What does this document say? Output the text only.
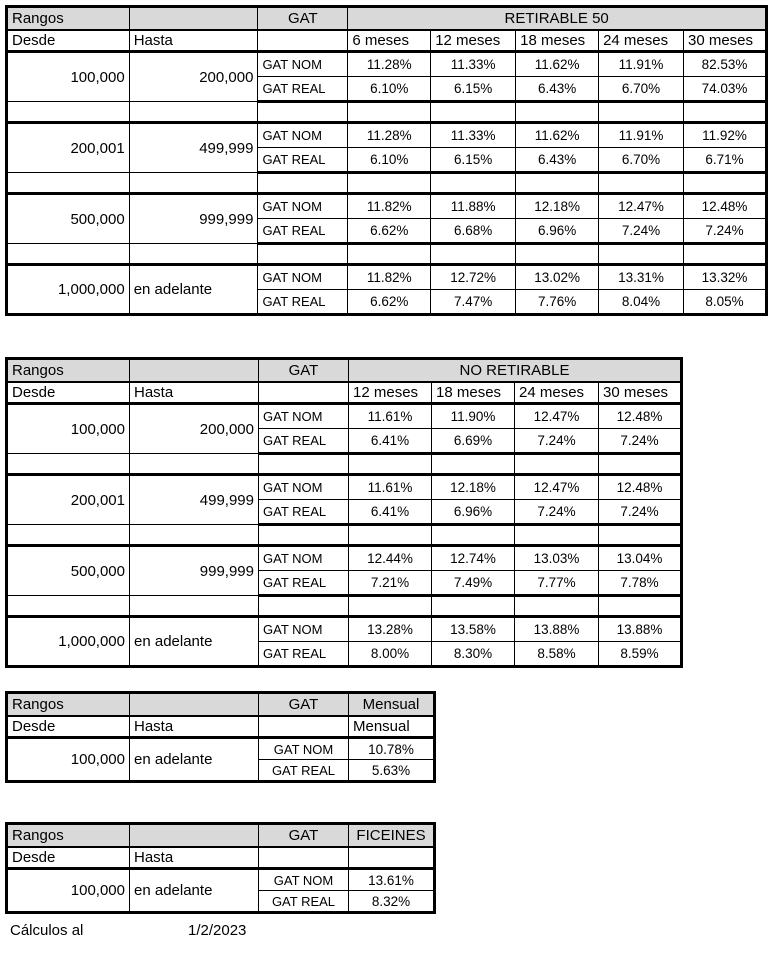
Rangos		GAT	RETIRABLE 50				
Desde	Hasta		6 meses	12 meses	18 meses	24 meses	30 meses
100,000	200,000	GAT NOM	11.28%	11.33%	11.62%	11.91%	82.53%
		GAT REAL	6.10%	6.15%	6.43%	6.70%	74.03%

200,001	499,999	GAT NOM	11.28%	11.33%	11.62%	11.91%	11.92%
		GAT REAL	6.10%	6.15%	6.43%	6.70%	6.71%

500,000	999,999	GAT NOM	11.82%	11.88%	12.18%	12.47%	12.48%
		GAT REAL	6.62%	6.68%	6.96%	7.24%	7.24%

1,000,000	en adelante	GAT NOM	11.82%	12.72%	13.02%	13.31%	13.32%
		GAT REAL	6.62%	7.47%	7.76%	8.04%	8.05%
Rangos		GAT	NO RETIRABLE			
Desde	Hasta		12 meses	18 meses	24 meses	30 meses
100,000	200,000	GAT NOM	11.61%	11.90%	12.47%	12.48%
		GAT REAL	6.41%	6.69%	7.24%	7.24%

200,001	499,999	GAT NOM	11.61%	12.18%	12.47%	12.48%
		GAT REAL	6.41%	6.96%	7.24%	7.24%

500,000	999,999	GAT NOM	12.44%	12.74%	13.03%	13.04%
		GAT REAL	7.21%	7.49%	7.77%	7.78%

1,000,000	en adelante	GAT NOM	13.28%	13.58%	13.88%	13.88%
		GAT REAL	8.00%	8.30%	8.58%	8.59%
Rangos		GAT	Mensual
Desde	Hasta		Mensual
100,000	en adelante	GAT NOM	10.78%
		GAT REAL	5.63%
Rangos		GAT	FICEINES
Desde	Hasta		
100,000	en adelante	GAT NOM	13.61%
		GAT REAL	8.32%
Cálculos al	1/2/2023
